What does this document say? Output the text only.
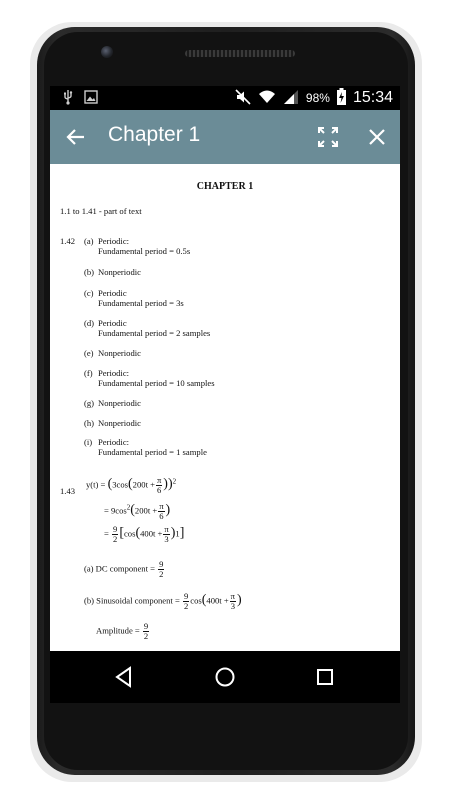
98% 15:34
Chapter 1
CHAPTER 1
1.1 to 1.41 - part of text
1.42 (a) Periodic:
Fundamental period = 0.5s
(b) Nonperiodic
(c) Periodic
Fundamental period = 3s
(d) Periodic
Fundamental period = 2 samples
(e) Nonperiodic
(f) Periodic:
Fundamental period = 10 samples
(g) Nonperiodic
(h) Nonperiodic
(i) Periodic:
Fundamental period = 1 sample
1.43
$y(t) = (3\cos(200t + \frac{\pi}{6} ))^2$
= $9\cos^2(200t + \frac{\pi}{6}$ )
= $\frac{9}{2} [\cos(400t + \frac{\pi}{3} )1]$
(a) DC component = $\frac{9}{2}$
(b) Sinusoidal component = $\frac{9}{2} \cos(400t + \frac{\pi}{3}$ )
Amplitude = $\frac{9}{2}$
